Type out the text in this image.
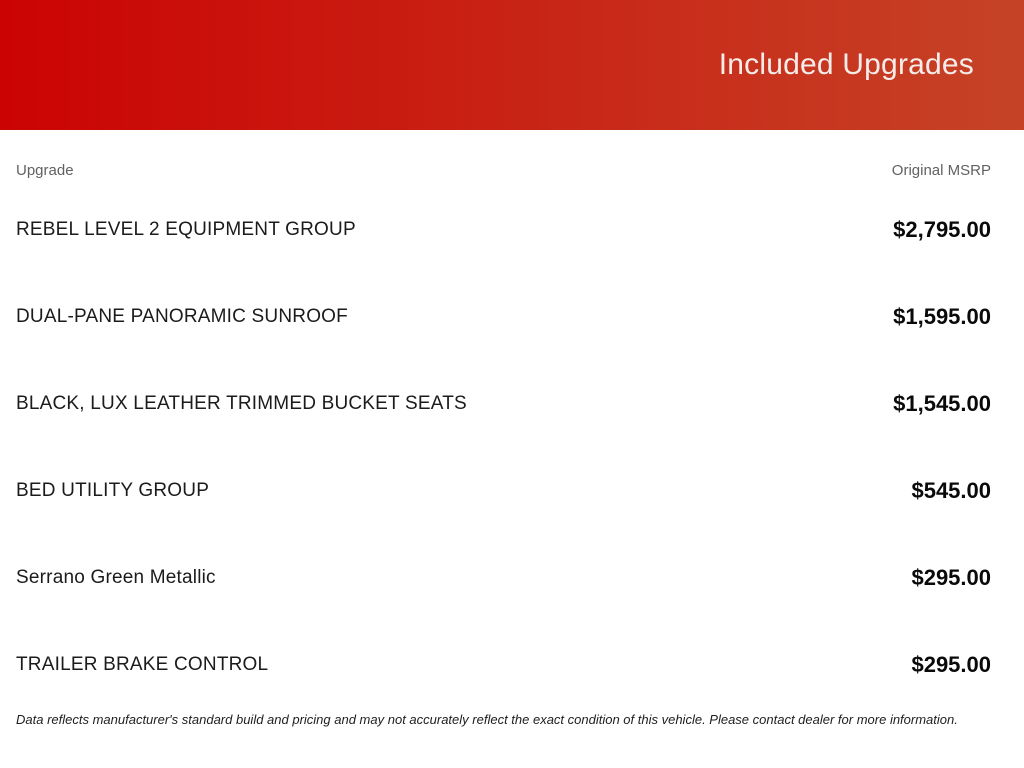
Included Upgrades
Upgrade	Original MSRP
REBEL LEVEL 2 EQUIPMENT GROUP	$2,795.00
DUAL-PANE PANORAMIC SUNROOF	$1,595.00
BLACK, LUX LEATHER TRIMMED BUCKET SEATS	$1,545.00
BED UTILITY GROUP	$545.00
Serrano Green Metallic	$295.00
TRAILER BRAKE CONTROL	$295.00

Data reflects manufacturer's standard build and pricing and may not accurately reflect the exact condition of this vehicle. Please contact dealer for more information.
